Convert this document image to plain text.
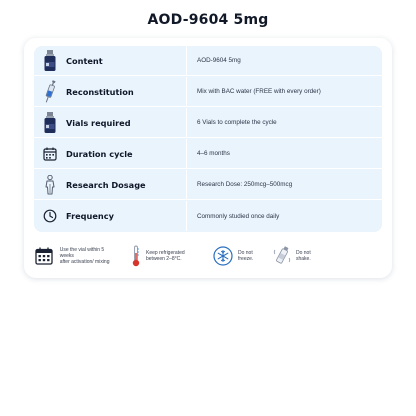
AOD-9604 5mg
Content	AOD-9604 5mg
Reconstitution	Mix with BAC water (FREE with every order)
Vials required	6 Vials to complete the cycle
Duration cycle	4–6 months
Research Dosage	Research Dose: 250mcg–500mcg
Frequency	Commonly studied once daily
Use the vial within 5 weeks
after activation/ mixing
Keep refrigerated
between 2–8°C.
Do not
freeze.
Do not
shake.
